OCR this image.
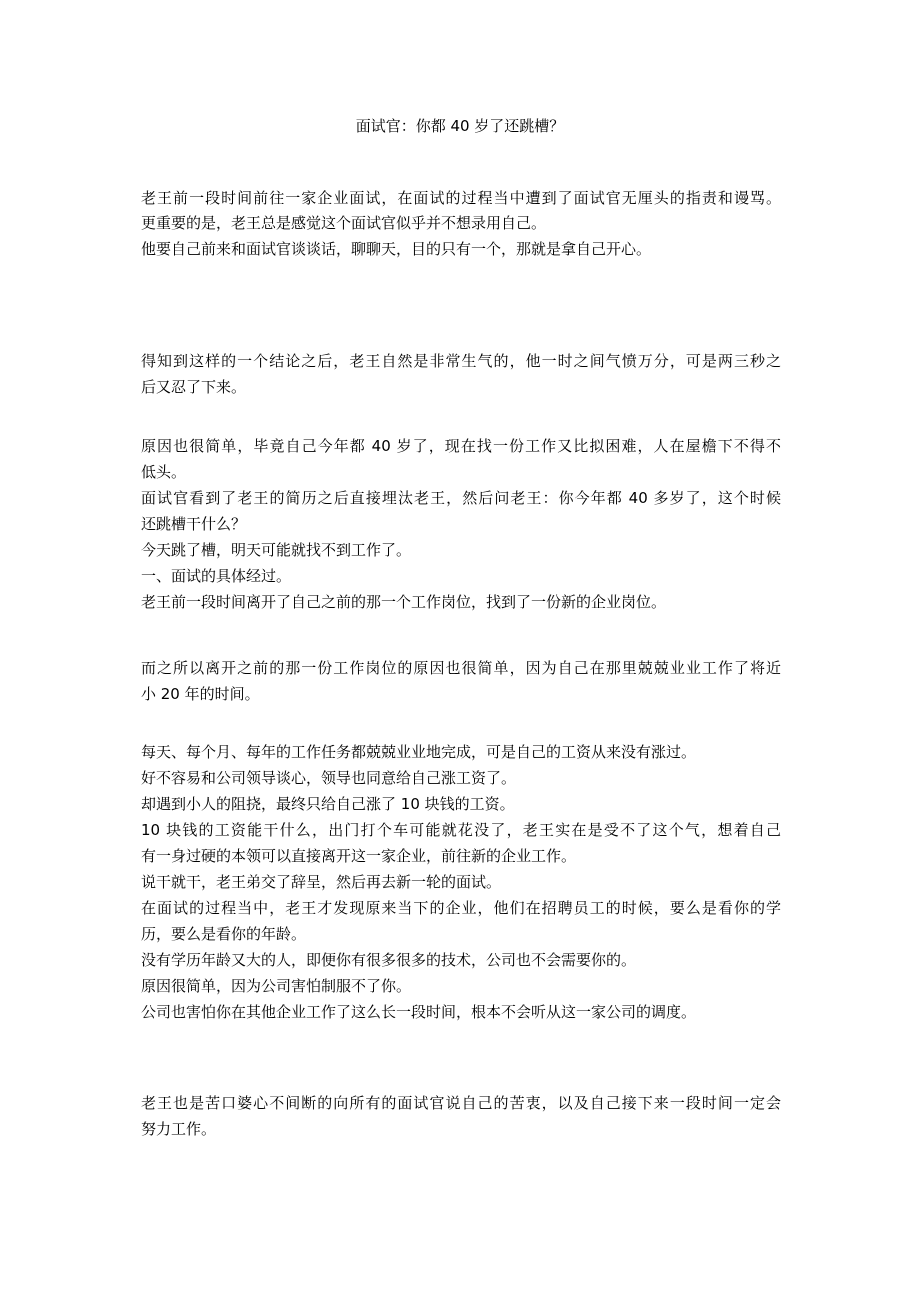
面试官：你都 40 岁了还跳槽？

老王前一段时间前往一家企业面试，在面试的过程当中遭到了面试官无厘头的指责和谩骂。

更重要的是，老王总是感觉这个面试官似乎并不想录用自己。

他要自己前来和面试官谈谈话，聊聊天，目的只有一个，那就是拿自己开心。

得知到这样的一个结论之后，老王自然是非常生气的，他一时之间气愤万分，可是两三秒之

后又忍了下来。

原因也很简单，毕竟自己今年都 40 岁了，现在找一份工作又比拟困难，人在屋檐下不得不

低头。

面试官看到了老王的简历之后直接埋汰老王，然后问老王：你今年都 40 多岁了，这个时候

还跳槽干什么？

今天跳了槽，明天可能就找不到工作了。

一、面试的具体经过。

老王前一段时间离开了自己之前的那一个工作岗位，找到了一份新的企业岗位。

而之所以离开之前的那一份工作岗位的原因也很简单，因为自己在那里兢兢业业工作了将近

小 20 年的时间。

每天、每个月、每年的工作任务都兢兢业业地完成，可是自己的工资从来没有涨过。

好不容易和公司领导谈心，领导也同意给自己涨工资了。

却遇到小人的阻挠，最终只给自己涨了 10 块钱的工资。

10 块钱的工资能干什么，出门打个车可能就花没了，老王实在是受不了这个气，想着自己

有一身过硬的本领可以直接离开这一家企业，前往新的企业工作。

说干就干，老王弟交了辞呈，然后再去新一轮的面试。

在面试的过程当中，老王才发现原来当下的企业，他们在招聘员工的时候，要么是看你的学

历，要么是看你的年龄。

没有学历年龄又大的人，即便你有很多很多的技术，公司也不会需要你的。

原因很简单，因为公司害怕制服不了你。

公司也害怕你在其他企业工作了这么长一段时间，根本不会听从这一家公司的调度。

老王也是苦口婆心不间断的向所有的面试官说自己的苦衷，以及自己接下来一段时间一定会

努力工作。
